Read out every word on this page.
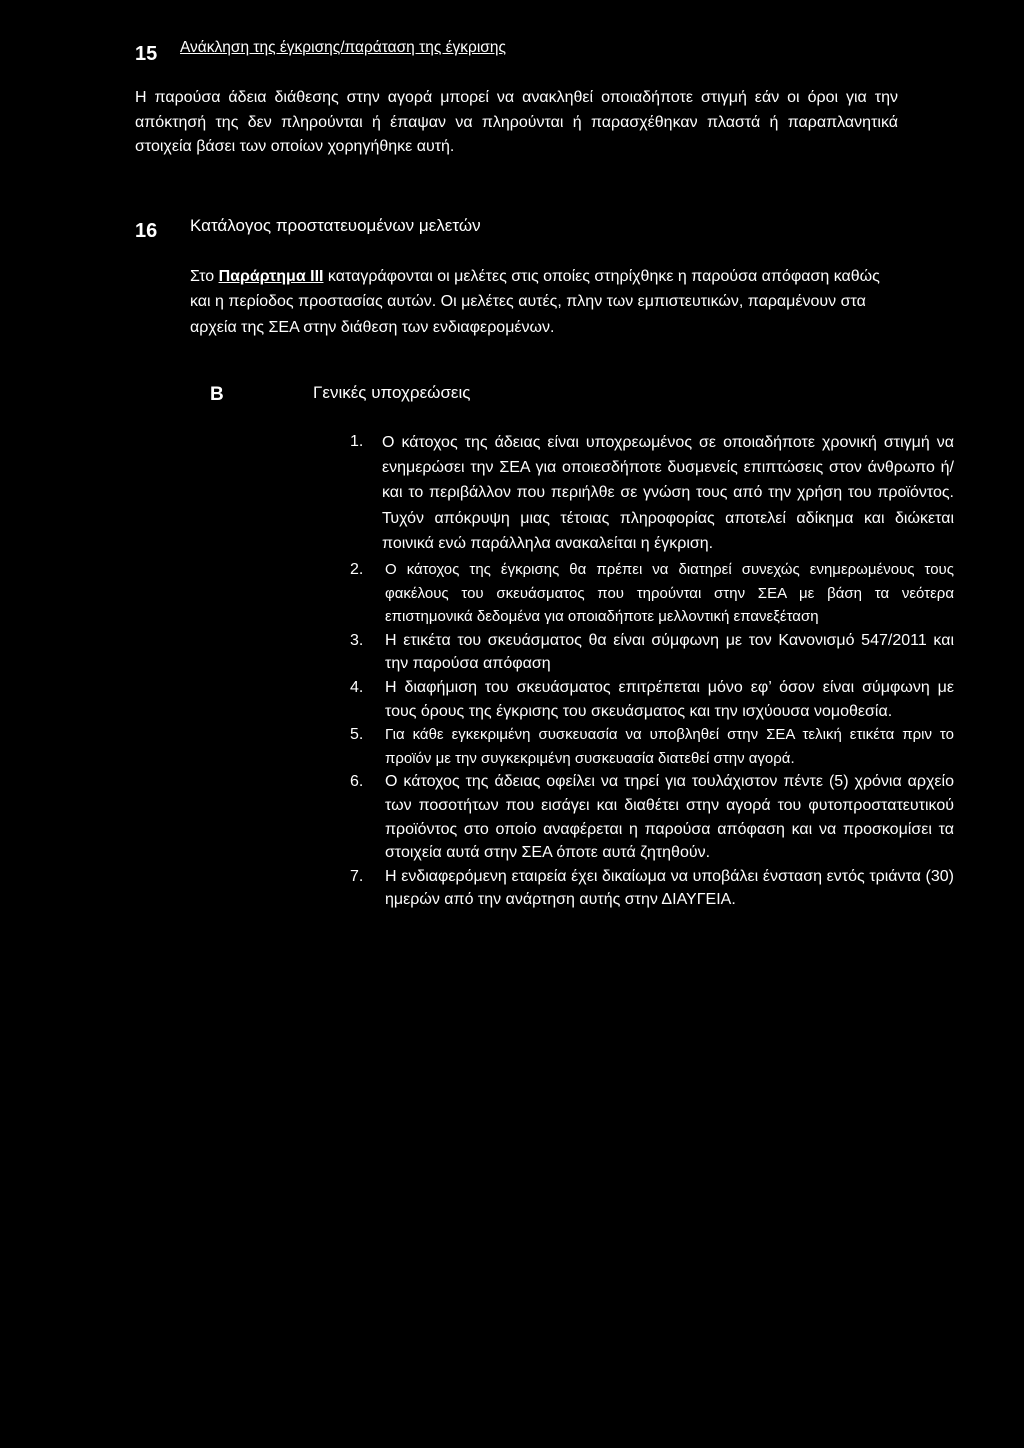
15 Ανάκληση της έγκρισης/παράταση της έγκρισης

Η παρούσα άδεια διάθεσης στην αγορά μπορεί να ανακληθεί οποιαδήποτε στιγμή εάν οι όροι για την απόκτησή της δεν πληρούνται ή έπαψαν να πληρούνται ή παρασχέθηκαν πλαστά ή παραπλανητικά στοιχεία βάσει των οποίων χορηγήθηκε αυτή.

16 Κατάλογος προστατευομένων μελετών

Στο Παράρτημα III καταγράφονται οι μελέτες στις οποίες στηρίχθηκε η παρούσα απόφαση καθώς και η περίοδος προστασίας αυτών. Οι μελέτες αυτές, πλην των εμπιστευτικών, παραμένουν στα αρχεία της ΣΕΑ στην διάθεση των ενδιαφερομένων.

Β	Γενικές υποχρεώσεις
1.	Ο κάτοχος της άδειας είναι υποχρεωμένος σε οποιαδήποτε χρονική στιγμή να ενημερώσει την ΣΕΑ για οποιεσδήποτε δυσμενείς επιπτώσεις στον άνθρωπο ή/και το περιβάλλον που περιήλθε σε γνώση τους από την χρήση του προϊόντος. Τυχόν απόκρυψη μιας τέτοιας πληροφορίας αποτελεί αδίκημα και διώκεται ποινικά ενώ παράλληλα ανακαλείται η έγκριση.
2.	Ο κάτοχος της έγκρισης θα πρέπει να διατηρεί συνεχώς ενημερωμένους τους φακέλους του σκευάσματος που τηρούνται στην ΣΕΑ με βάση τα νεότερα επιστημονικά δεδομένα για οποιαδήποτε μελλοντική επανεξέταση
3.	Η ετικέτα του σκευάσματος θα είναι σύμφωνη με τον Κανονισμό 547/2011 και την παρούσα απόφαση
4.	Η διαφήμιση του σκευάσματος επιτρέπεται μόνο εφ’ όσον είναι σύμφωνη με τους όρους της έγκρισης του σκευάσματος και την ισχύουσα νομοθεσία.
5.	Για κάθε εγκεκριμένη συσκευασία να υποβληθεί στην ΣΕΑ τελική ετικέτα πριν το προϊόν με την συγκεκριμένη συσκευασία διατεθεί στην αγορά.
6.	Ο κάτοχος της άδειας οφείλει να τηρεί για τουλάχιστον πέντε (5) χρόνια αρχείο των ποσοτήτων που εισάγει και διαθέτει στην αγορά του φυτοπροστατευτικού προϊόντος στο οποίο αναφέρεται η παρούσα απόφαση και να προσκομίσει τα στοιχεία αυτά στην ΣΕΑ όποτε αυτά ζητηθούν.
7.	Η ενδιαφερόμενη εταιρεία έχει δικαίωμα να υποβάλει ένσταση εντός τριάντα (30) ημερών από την ανάρτηση αυτής στην ΔΙΑΥΓΕΙΑ.
